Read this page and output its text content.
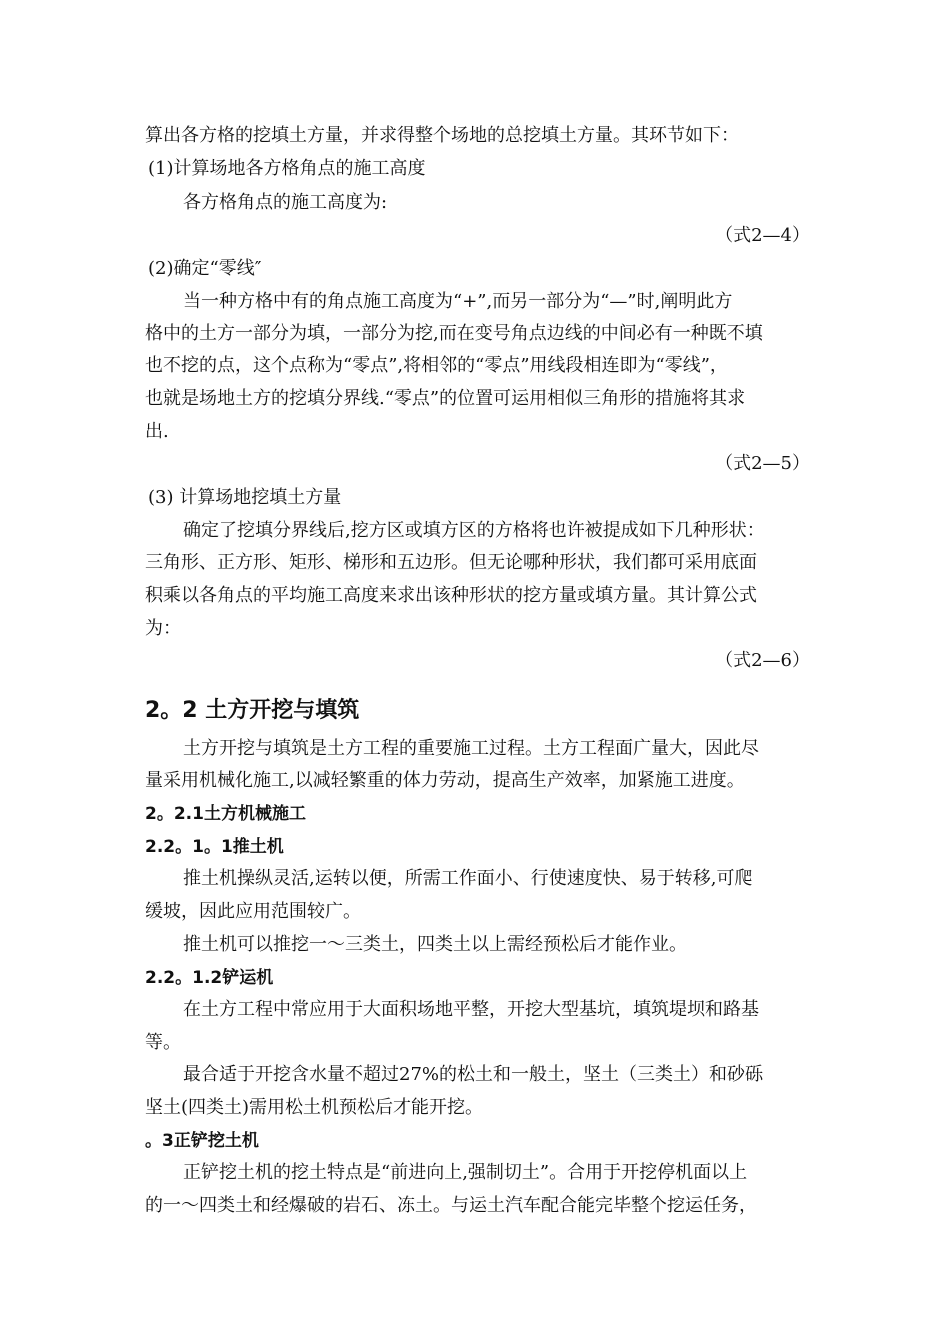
算出各方格的挖填土方量，并求得整个场地的总挖填土方量。其环节如下：
(1)计算场地各方格角点的施工高度
各方格角点的施工高度为:
（式2—4）
(2)确定“零线″
当一种方格中有的角点施工高度为“+”,而另一部分为“—”时,阐明此方
格中的土方一部分为填，一部分为挖,而在变号角点边线的中间必有一种既不填
也不挖的点，这个点称为“零点”,将相邻的“零点”用线段相连即为“零线”，
也就是场地土方的挖填分界线.“零点”的位置可运用相似三角形的措施将其求
出.
（式2—5）
(3) 计算场地挖填土方量
确定了挖填分界线后,挖方区或填方区的方格将也许被提成如下几种形状：
三角形、正方形、矩形、梯形和五边形。但无论哪种形状，我们都可采用底面
积乘以各角点的平均施工高度来求出该种形状的挖方量或填方量。其计算公式
为：
（式2—6）
2。2 土方开挖与填筑
土方开挖与填筑是土方工程的重要施工过程。土方工程面广量大，因此尽
量采用机械化施工,以减轻繁重的体力劳动，提高生产效率，加紧施工进度。
2。2.1土方机械施工
2.2。1。1推土机
推土机操纵灵活,运转以便，所需工作面小、行使速度快、易于转移,可爬
缓坡，因此应用范围较广。
推土机可以推挖一～三类土，四类土以上需经预松后才能作业。
2.2。1.2铲运机
在土方工程中常应用于大面积场地平整，开挖大型基坑，填筑堤坝和路基
等。
最合适于开挖含水量不超过27%的松土和一般土，坚土（三类土）和砂砾
坚土(四类土)需用松土机预松后才能开挖。
。3正铲挖土机
正铲挖土机的挖土特点是“前进向上,强制切土”。合用于开挖停机面以上
的一～四类土和经爆破的岩石、冻土。与运土汽车配合能完毕整个挖运任务，
